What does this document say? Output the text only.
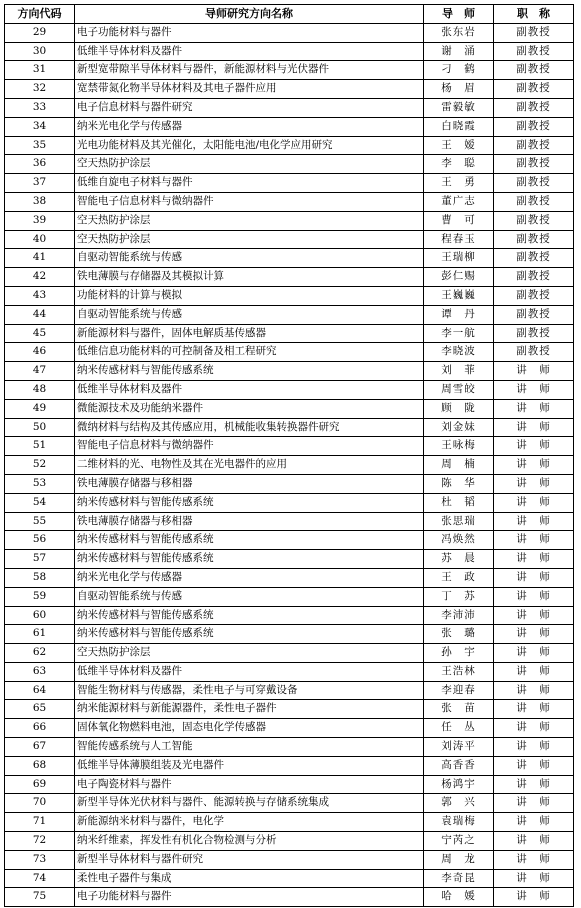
方向代码	导师研究方向名称	导　师	职　称
29	电子功能材料与器件	张东岩	副教授
30	低维半导体材料及器件	谢　涌	副教授
31	新型宽带隙半导体材料与器件，新能源材料与光伏器件	刁　鹤	副教授
32	宽禁带氮化物半导体材料及其电子器件应用	杨　眉	副教授
33	电子信息材料与器件研究	雷毅敏	副教授
34	纳米光电化学与传感器	白晓霞	副教授
35	光电功能材料及其光催化，太阳能电池/电化学应用研究	王　嫒	副教授
36	空天热防护涂层	李　聪	副教授
37	低维自旋电子材料与器件	王　勇	副教授
38	智能电子信息材料与微纳器件	董广志	副教授
39	空天热防护涂层	曹　可	副教授
40	空天热防护涂层	程春玉	副教授
41	自驱动智能系统与传感	王瑞柳	副教授
42	铁电薄膜与存储器及其模拟计算	彭仁赐	副教授
43	功能材料的计算与模拟	王巍巍	副教授
44	自驱动智能系统与传感	谭　丹	副教授
45	新能源材料与器件，固体电解质基传感器	李一航	副教授
46	低维信息功能材料的可控制备及相工程研究	李晓波	副教授
47	纳米传感材料与智能传感系统	刘　菲	讲　师
48	低维半导体材料及器件	周雪皎	讲　师
49	微能源技术及功能纳米器件	顾　陇	讲　师
50	微纳材料与结构及其传感应用，机械能收集转换器件研究	刘金妹	讲　师
51	智能电子信息材料与微纳器件	王咏梅	讲　师
52	二维材料的光、电物性及其在光电器件的应用	周　楠	讲　师
53	铁电薄膜存储器与移相器	陈　华	讲　师
54	纳米传感材料与智能传感系统	杜　韬	讲　师
55	铁电薄膜存储器与移相器	张思瑞	讲　师
56	纳米传感材料与智能传感系统	冯焕然	讲　师
57	纳米传感材料与智能传感系统	苏　晨	讲　师
58	纳米光电化学与传感器	王　政	讲　师
59	自驱动智能系统与传感	丁　苏	讲　师
60	纳米传感材料与智能传感系统	李沛沛	讲　师
61	纳米传感材料与智能传感系统	张　璐	讲　师
62	空天热防护涂层	孙　宇	讲　师
63	低维半导体材料及器件	王浩林	讲　师
64	智能生物材料与传感器，柔性电子与可穿戴设备	李迎春	讲　师
65	纳米能源材料与新能源器件，柔性电子器件	张　苗	讲　师
66	固体氧化物燃料电池，固态电化学传感器	任　丛	讲　师
67	智能传感系统与人工智能	刘涛平	讲　师
68	低维半导体薄膜组装及光电器件	高香香	讲　师
69	电子陶瓷材料与器件	杨鸿宇	讲　师
70	新型半导体光伏材料与器件、能源转换与存储系统集成	郭　兴	讲　师
71	新能源纳米材料与器件，电化学	袁瑞梅	讲　师
72	纳米纤维素，挥发性有机化合物检测与分析	宁芮之	讲　师
73	新型半导体材料与器件研究	周　龙	讲　师
74	柔性电子器件与集成	李奇昆	讲　师
75	电子功能材料与器件	哈　媛	讲　师
